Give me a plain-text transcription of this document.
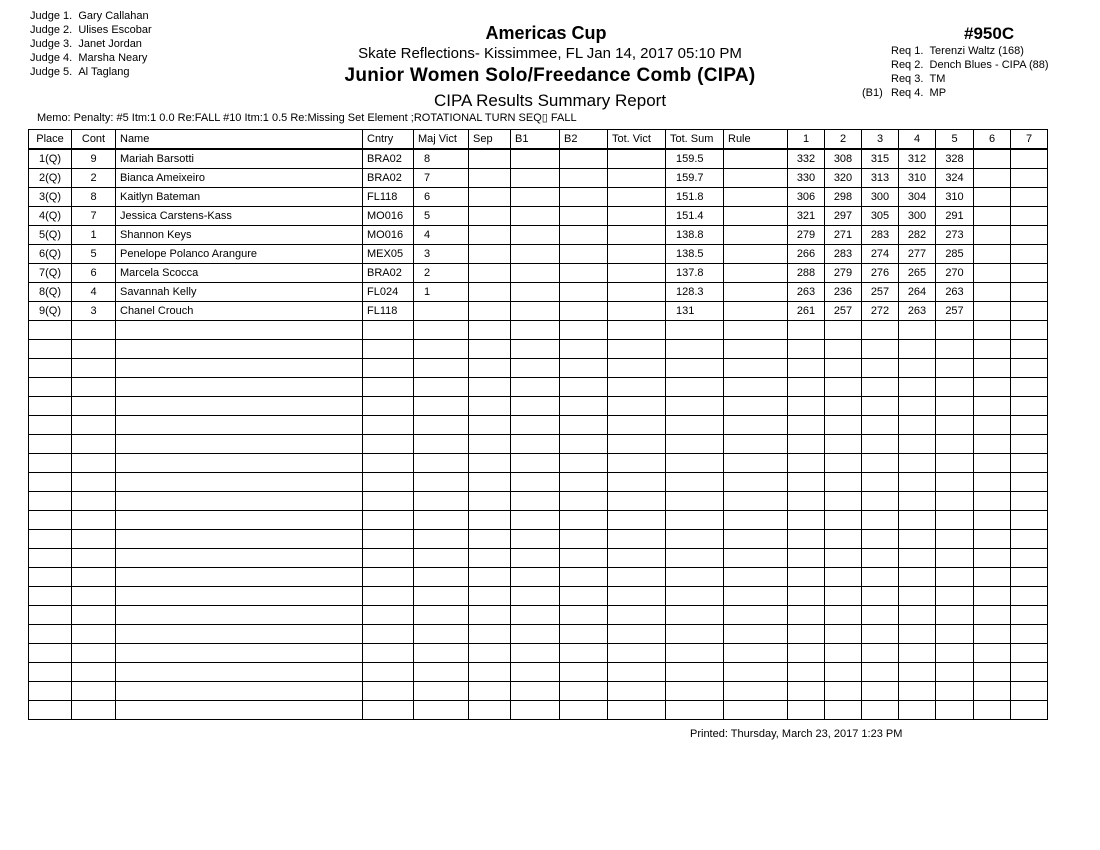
Judge 1. Gary Callahan
Judge 2. Ulises Escobar
Judge 3. Janet Jordan
Judge 4. Marsha Neary
Judge 5. Al Taglang
Americas Cup
Skate Reflections- Kissimmee, FL Jan 14, 2017 05:10 PM
Junior Women Solo/Freedance Comb (CIPA)
CIPA Results Summary Report
#950C
Req 1.
Terenzi Waltz (168)
Req 2.
Dench Blues - CIPA (88)
Req 3.
TM
(B1) Req 4.
MP
Memo: Penalty: #5 Itm:1 0.0 Re:FALL #10 Itm:1 0.5 Re:Missing Set Element ;ROTATIONAL TURN SEQ▯ FALL
Place	Cont	Name	Cntry	Maj Vict	Sep	B1	B2	Tot. Vict	Tot. Sum	Rule	1	2	3	4	5	6	7
1(Q)	9	Mariah Barsotti	BRA02	8					159.5		332	308	315	312	328		
2(Q)	2	Bianca Ameixeiro	BRA02	7					159.7		330	320	313	310	324		
3(Q)	8	Kaitlyn Bateman	FL118	6					151.8		306	298	300	304	310		
4(Q)	7	Jessica Carstens-Kass	MO016	5					151.4		321	297	305	300	291		
5(Q)	1	Shannon Keys	MO016	4					138.8		279	271	283	282	273		
6(Q)	5	Penelope Polanco Arangure	MEX05	3					138.5		266	283	274	277	285		
7(Q)	6	Marcela Scocca	BRA02	2					137.8		288	279	276	265	270		
8(Q)	4	Savannah Kelly	FL024	1					128.3		263	236	257	264	263		
9(Q)	3	Chanel Crouch	FL118						131		261	257	272	263	257		

Printed: Thursday, March 23, 2017 1:23 PM
